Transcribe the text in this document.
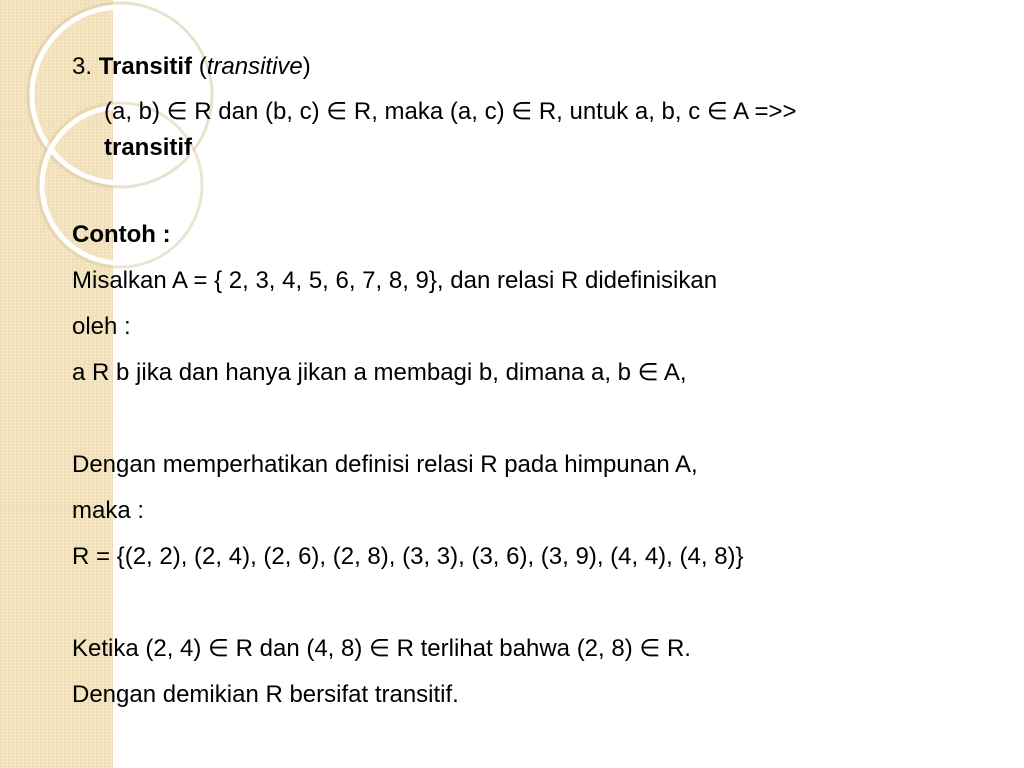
3. Transitif (transitive)
(a, b) ∈ R dan (b, c) ∈ R, maka (a, c) ∈ R, untuk a, b, c ∈ A =>>
transitif
Contoh :
Misalkan A = { 2, 3, 4, 5, 6, 7, 8, 9}, dan relasi R didefinisikan
oleh :
a R b jika dan hanya jikan a membagi b, dimana a, b ∈ A,
Dengan memperhatikan definisi relasi R pada himpunan A,
maka :
R = {(2, 2), (2, 4), (2, 6), (2, 8), (3, 3), (3, 6), (3, 9), (4, 4), (4, 8)}
Ketika (2, 4) ∈ R dan (4, 8) ∈ R terlihat bahwa (2, 8) ∈ R.
Dengan demikian R bersifat transitif.
